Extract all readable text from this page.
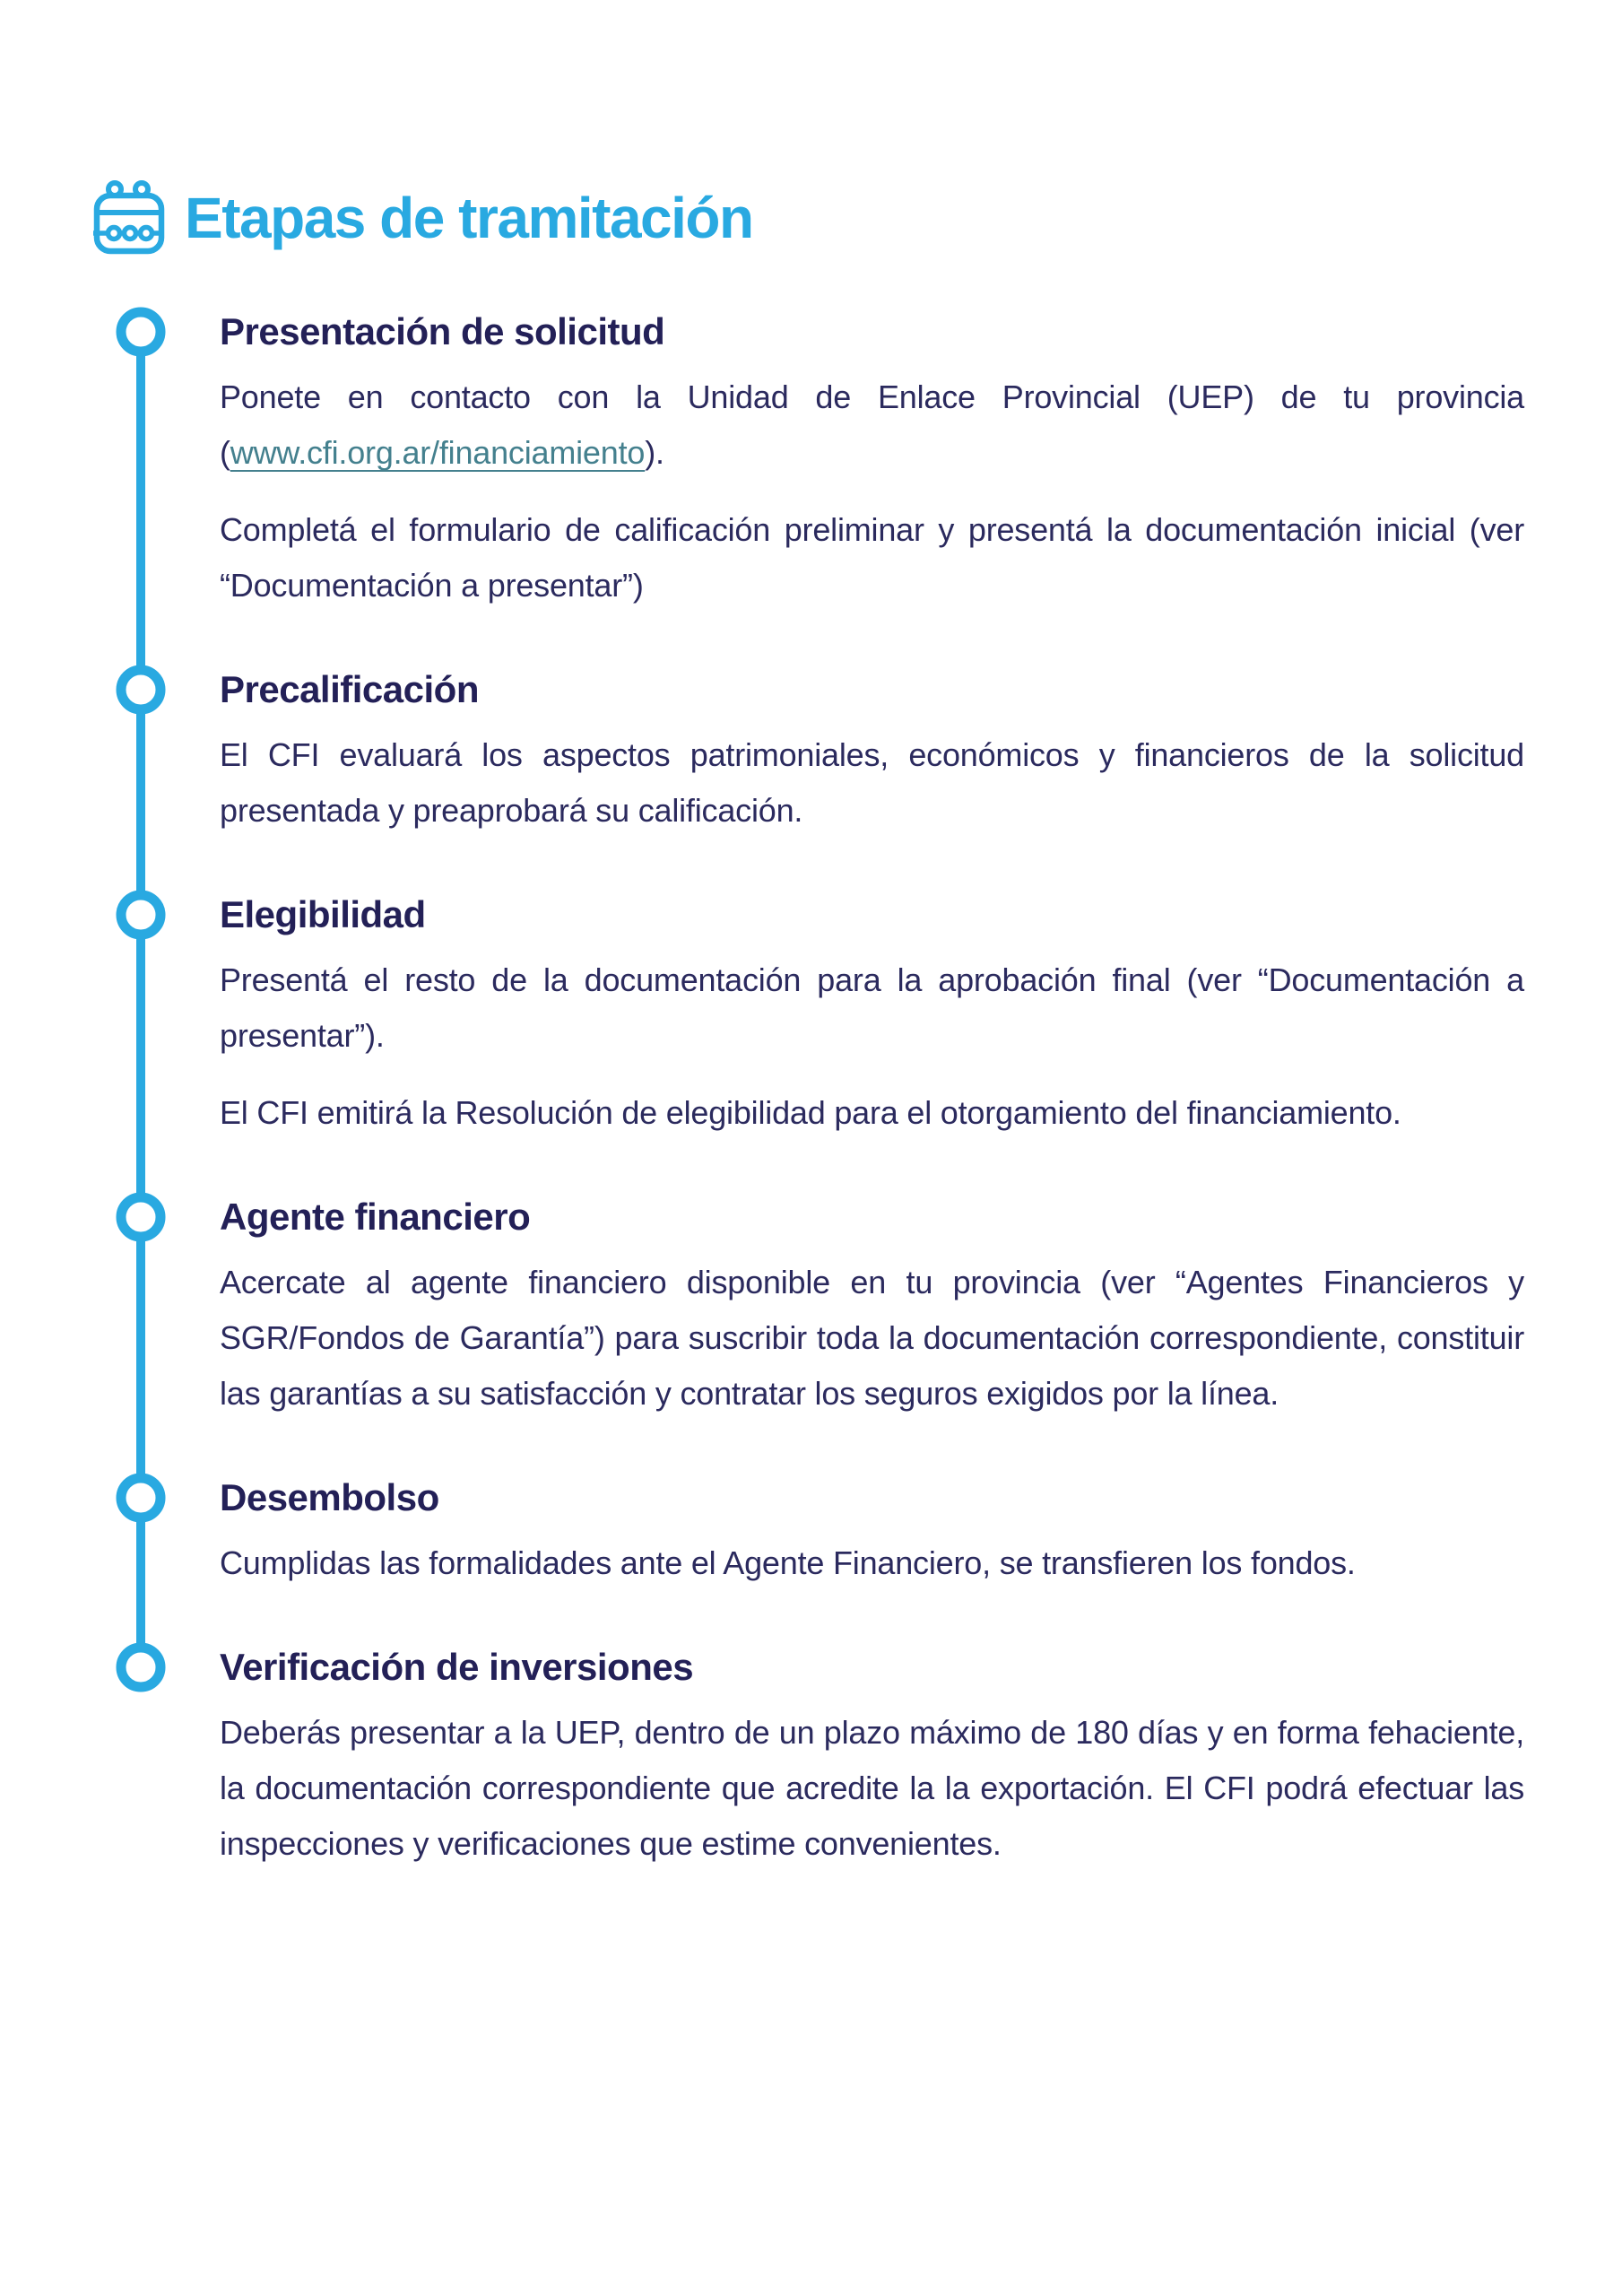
Etapas de tramitación
Presentación de solicitud

Ponete en contacto con la Unidad de Enlace Provincial (UEP) de tu provincia (www.cfi.org.ar/financiamiento).

Completá el formulario de calificación preliminar y presentá la documentación inicial (ver “Documentación a presentar”)

Precalificación

El CFI evaluará los aspectos patrimoniales, económicos y financieros de la solicitud presentada y preaprobará su calificación.

Elegibilidad

Presentá el resto de la documentación para la aprobación final (ver “Documentación a presentar”).

El CFI emitirá la Resolución de elegibilidad para el otorgamiento del financiamiento.

Agente financiero

Acercate al agente financiero disponible en tu provincia (ver “Agentes Financieros y SGR/Fondos de Garantía”) para suscribir toda la documentación correspondiente, constituir las garantías a su satisfacción y contratar los seguros exigidos por la línea.

Desembolso

Cumplidas las formalidades ante el Agente Financiero, se transfieren los fondos.

Verificación de inversiones

Deberás presentar a la UEP, dentro de un plazo máximo de 180 días y en forma fehaciente, la documentación correspondiente que acredite la la exportación. El CFI podrá efectuar las inspecciones y verificaciones que estime convenientes.
